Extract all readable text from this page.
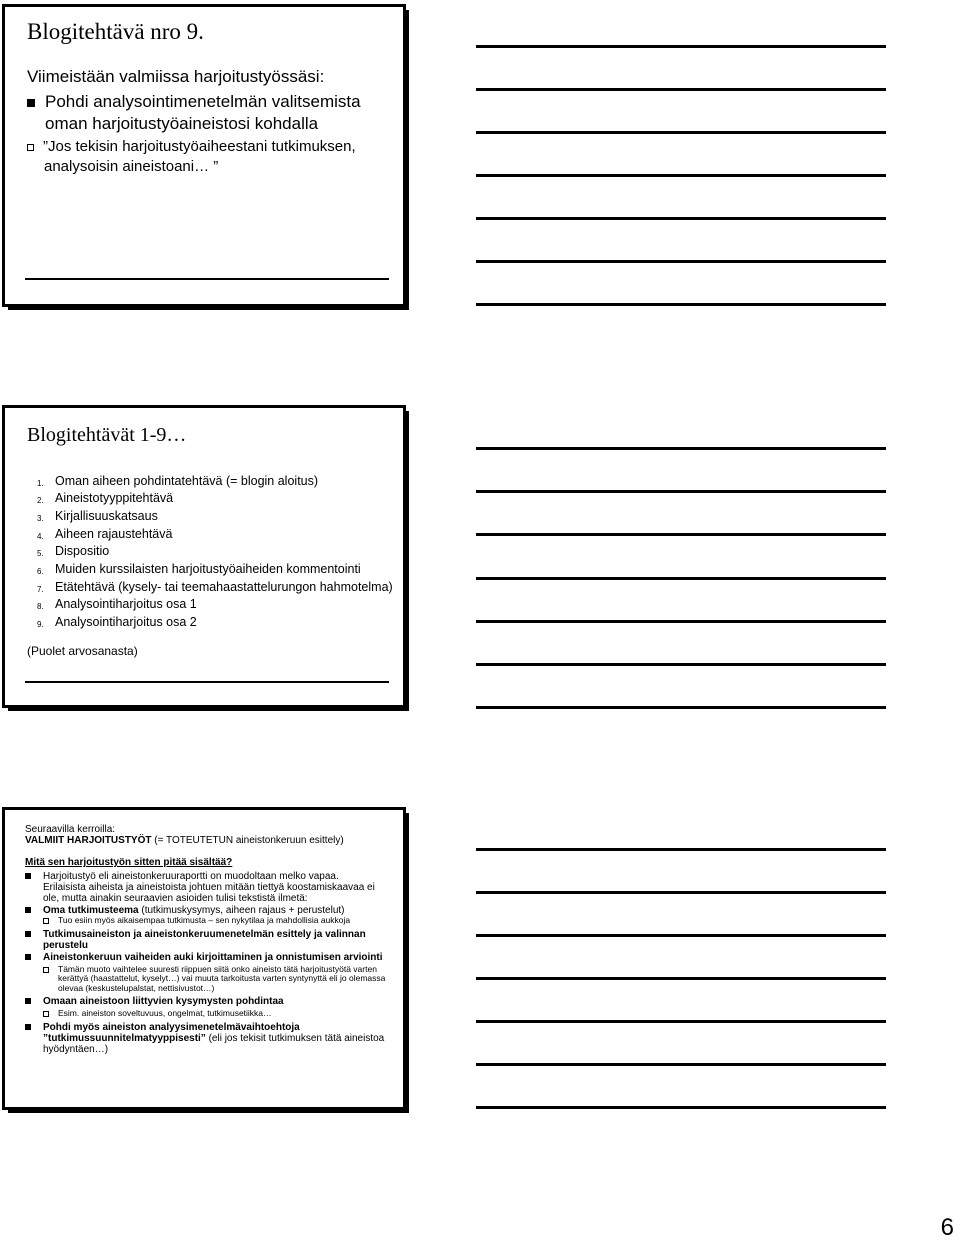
Blogitehtävä nro 9.
Viimeistään valmiissa harjoitustyössäsi:
Pohdi analysointimenetelmän valitsemista
oman harjoitustyöaineistosi kohdalla
”Jos tekisin harjoitustyöaiheestani tutkimuksen,
analysoisin aineistoani… ”
Blogitehtävät 1-9…
1. Oman aiheen pohdintatehtävä (= blogin aloitus)
2. Aineistotyyppitehtävä
3. Kirjallisuuskatsaus
4. Aiheen rajaustehtävä
5. Dispositio
6. Muiden kurssilaisten harjoitustyöaiheiden kommentointi
7. Etätehtävä (kysely- tai teemahaastattelurungon hahmotelma)
8. Analysointiharjoitus osa 1
9. Analysointiharjoitus osa 2
(Puolet arvosanasta)

Seuraavilla kerroilla:

VALMIIT HARJOITUSTYÖT (= TOTEUTETUN aineistonkeruun esittely)

Mitä sen harjoitustyön sitten pitää sisältää?

Harjoitustyö eli aineistonkeruuraportti on muodoltaan melko vapaa.
Erilaisista aiheista ja aineistoista johtuen mitään tiettyä koostamiskaavaa ei ole, mutta ainakin seuraavien asioiden tulisi tekstistä ilmetä:
Oma tutkimusteema (tutkimuskysymys, aiheen rajaus + perustelut)
Tuo esiin myös aikaisempaa tutkimusta – sen nykytilaa ja mahdollisia aukkoja
Tutkimusaineiston ja aineistonkeruumenetelmän esittely ja valinnan perustelu
Aineistonkeruun vaiheiden auki kirjoittaminen ja onnistumisen arviointi
Tämän muoto vaihtelee suuresti riippuen siitä onko aineisto tätä harjoitustyötä varten kerättyä (haastattelut, kyselyt…) vai muuta tarkoitusta varten syntynyttä eli jo olemassa olevaa (keskustelupalstat, nettisivustot…)
Omaan aineistoon liittyvien kysymysten pohdintaa
Esim. aineiston soveltuvuus, ongelmat, tutkimusetiikka…
Pohdi myös aineiston analyysimenetelmävaihtoehtoja ”tutkimussuunnitelmatyyppisesti” (eli jos tekisit tutkimuksen tätä aineistoa hyödyntäen…)
6
